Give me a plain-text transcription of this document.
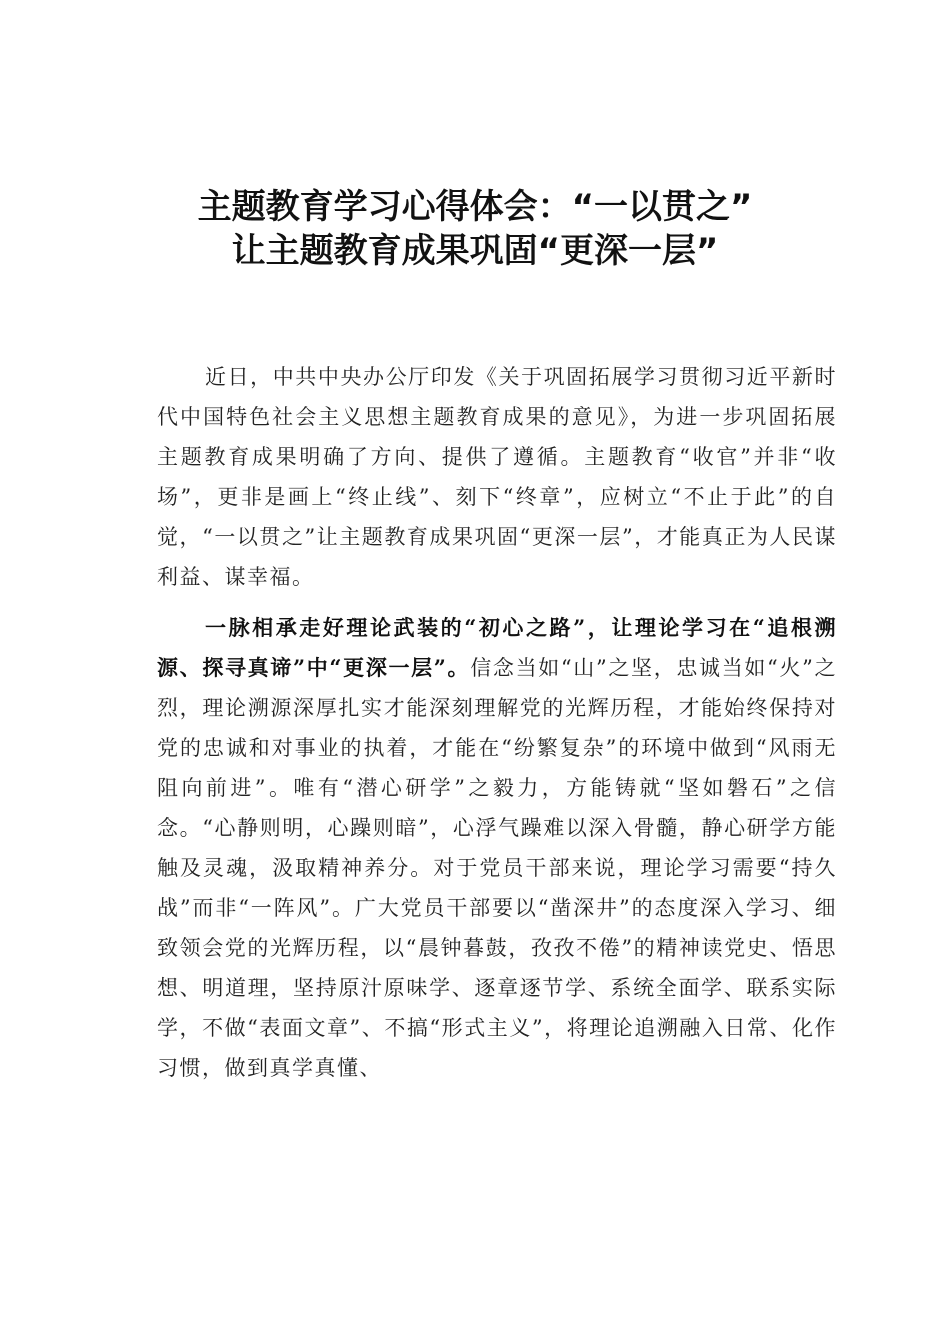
主题教育学习心得体会：“一以贯之”
让主题教育成果巩固“更深一层”

近日，中共中央办公厅印发《关于巩固拓展学习贯彻习近平新时代中国特色社会主义思想主题教育成果的意见》，为进一步巩固拓展主题教育成果明确了方向、提供了遵循。主题教育“收官”并非“收场”，更非是画上“终止线”、刻下“终章”，应树立“不止于此”的自觉，“一以贯之”让主题教育成果巩固“更深一层”，才能真正为人民谋利益、谋幸福。

一脉相承走好理论武装的“初心之路”，让理论学习在“追根溯源、探寻真谛”中“更深一层”。信念当如“山”之坚，忠诚当如“火”之烈，理论溯源深厚扎实才能深刻理解党的光辉历程，才能始终保持对党的忠诚和对事业的执着，才能在“纷繁复杂”的环境中做到“风雨无阻向前进”。唯有“潜心研学”之毅力，方能铸就“坚如磐石”之信念。“心静则明，心躁则暗”，心浮气躁难以深入骨髓，静心研学方能触及灵魂，汲取精神养分。对于党员干部来说，理论学习需要“持久战”而非“一阵风”。广大党员干部要以“凿深井”的态度深入学习、细致领会党的光辉历程，以“晨钟暮鼓，孜孜不倦”的精神读党史、悟思想、明道理，坚持原汁原味学、逐章逐节学、系统全面学、联系实际学，不做“表面文章”、不搞“形式主义”，将理论追溯融入日常、化作习惯，做到真学真懂、
